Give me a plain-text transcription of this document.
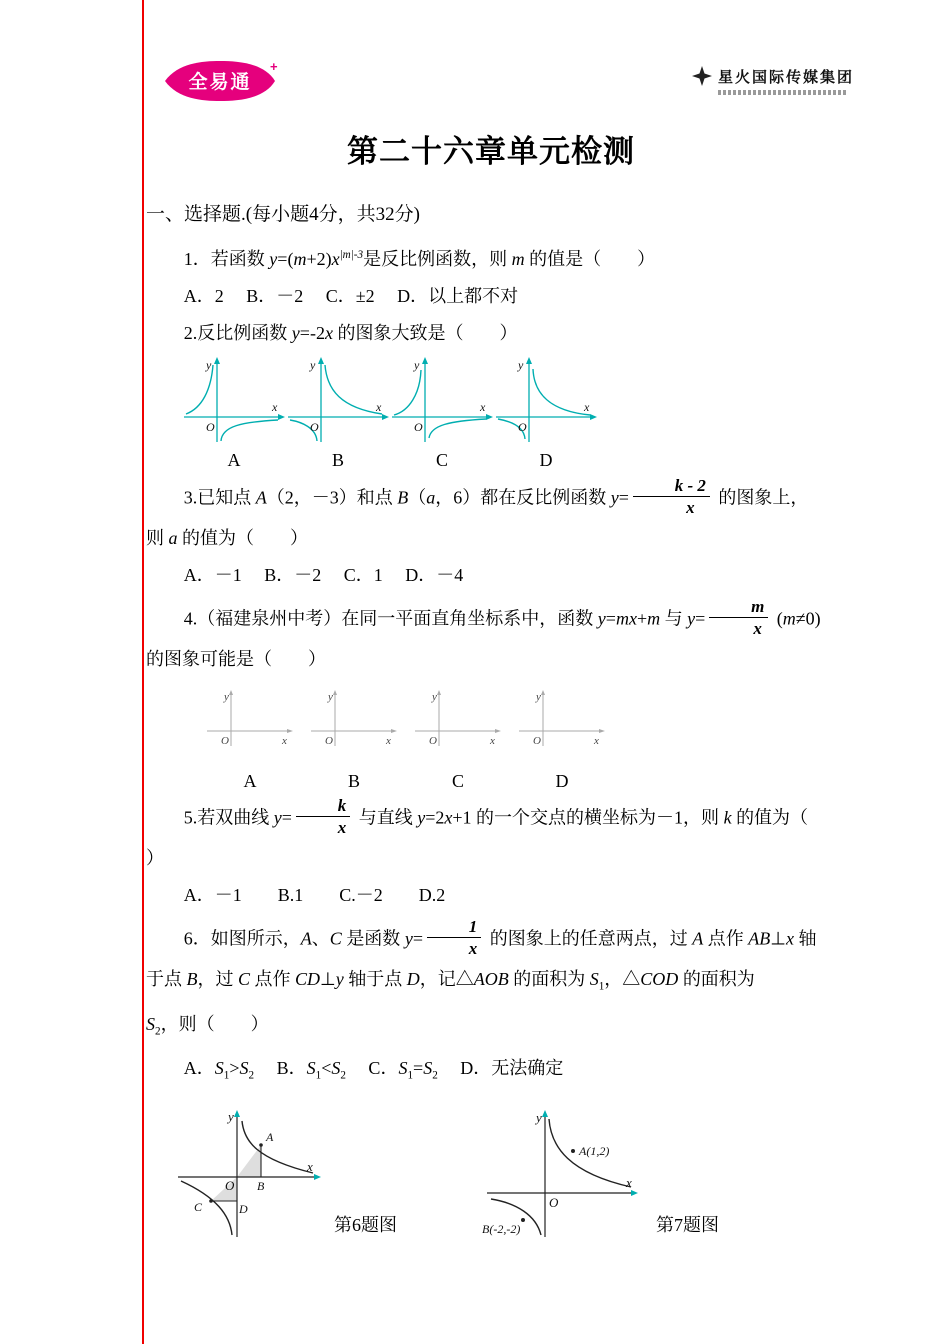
全易通
+
星火国际传媒集团
第二十六章单元检测

一、选择题.(每小题4分，共32分)

1．若函数 $y=(m+2)x^{|m|-3}$是反比例函数，则 m 的值是（　　）

A．2　 B．－2　 C．±2　 D．以上都不对

2.反比例函数 y=-2x 的图象大致是（　　）

y
x
O
A
y
x
O
B
y
x
O
C
y
x
O
D

3.已知点 A（2，－3）和点 B（a，6）都在反比例函数 $y= \frac{k - 2}{x}$ 的图象上，

则 a 的值为（　　）

A．－1　 B．－2　 C．1　 D．－4

4.（福建泉州中考）在同一平面直角坐标系中，函数 y=mx+m 与 $y= \frac{m}{x} (m\ne 0)$

的图象可能是（　　）

y
O	x
A
y
O	x
B
y
O	x
C
y
O	x
D

5.若双曲线 $y= \frac{k}{x}$ 与直线 y=2x+1 的一个交点的横坐标为－1，则 k 的值为（

）

A．－1　　B.1　　C.－2　　D.2

6．如图所示，A、C 是函数 $y= \frac{1}{x}$ 的图象上的任意两点，过 A 点作 AB⊥x 轴

于点 B，过 C 点作 CD⊥y 轴于点 D，记△AOB 的面积为 $S_1$，△COD 的面积为

$S_2$，则（　　）

A．$S_1>S_2$　 B．$S_1<S_2$　 C．$S_1=S_2$　 D．无法确定

y
x
O
A
B
C	D
第6题图
y
x
O
A(1,2)
B(-2,-2)	第7题图
